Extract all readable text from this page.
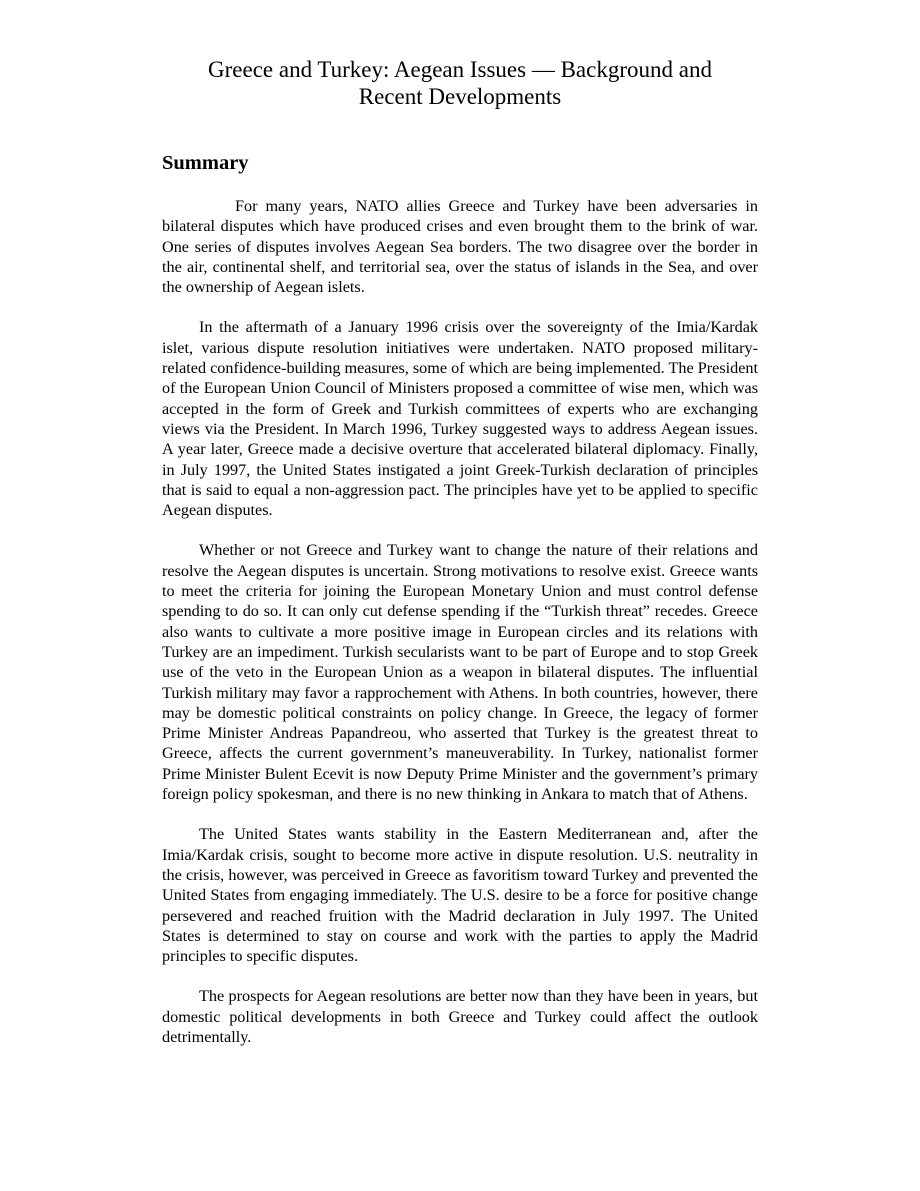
Greece and Turkey: Aegean Issues — Background and
Recent Developments
Summary

For many years, NATO allies Greece and Turkey have been adversaries in bilateral disputes which have produced crises and even brought them to the brink of war. One series of disputes involves Aegean Sea borders. The two disagree over the border in the air, continental shelf, and territorial sea, over the status of islands in the Sea, and over the ownership of Aegean islets.

In the aftermath of a January 1996 crisis over the sovereignty of the Imia/Kardak islet, various dispute resolution initiatives were undertaken. NATO proposed military-related confidence-building measures, some of which are being implemented. The President of the European Union Council of Ministers proposed a committee of wise men, which was accepted in the form of Greek and Turkish committees of experts who are exchanging views via the President. In March 1996, Turkey suggested ways to address Aegean issues. A year later, Greece made a decisive overture that accelerated bilateral diplomacy. Finally, in July 1997, the United States instigated a joint Greek-Turkish declaration of principles that is said to equal a non-aggression pact. The principles have yet to be applied to specific Aegean disputes.

Whether or not Greece and Turkey want to change the nature of their relations and resolve the Aegean disputes is uncertain. Strong motivations to resolve exist. Greece wants to meet the criteria for joining the European Monetary Union and must control defense spending to do so. It can only cut defense spending if the “Turkish threat” recedes. Greece also wants to cultivate a more positive image in European circles and its relations with Turkey are an impediment. Turkish secularists want to be part of Europe and to stop Greek use of the veto in the European Union as a weapon in bilateral disputes. The influential Turkish military may favor a rapprochement with Athens. In both countries, however, there may be domestic political constraints on policy change. In Greece, the legacy of former Prime Minister Andreas Papandreou, who asserted that Turkey is the greatest threat to Greece, affects the current government’s maneuverability. In Turkey, nationalist former Prime Minister Bulent Ecevit is now Deputy Prime Minister and the government’s primary foreign policy spokesman, and there is no new thinking in Ankara to match that of Athens.

The United States wants stability in the Eastern Mediterranean and, after the Imia/Kardak crisis, sought to become more active in dispute resolution. U.S. neutrality in the crisis, however, was perceived in Greece as favoritism toward Turkey and prevented the United States from engaging immediately. The U.S. desire to be a force for positive change persevered and reached fruition with the Madrid declaration in July 1997. The United States is determined to stay on course and work with the parties to apply the Madrid principles to specific disputes.

The prospects for Aegean resolutions are better now than they have been in years, but domestic political developments in both Greece and Turkey could affect the outlook detrimentally.
